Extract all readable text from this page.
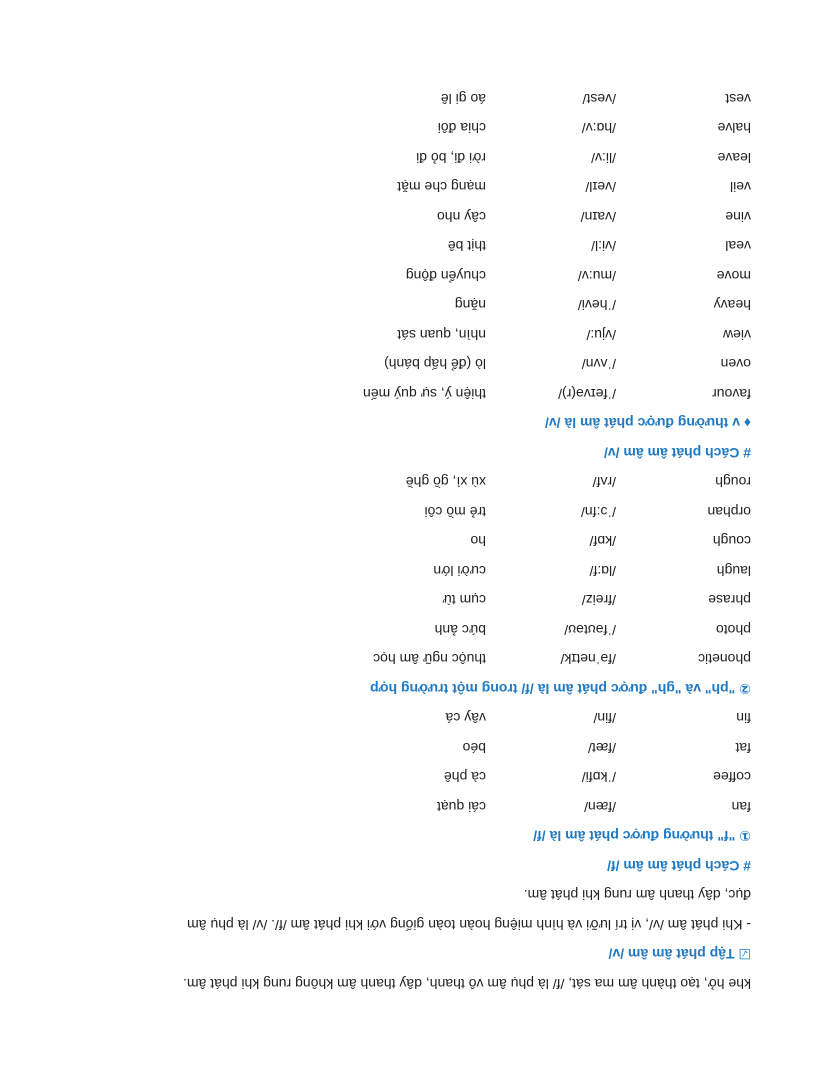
khe hở, tạo thành âm ma sát, /f/ là phụ âm vô thanh, dây thanh âm không rung khi phát âm.

☑ Tập phát âm âm /v/

- Khi phát âm /v/, vị trí lưỡi và hình miệng hoàn toàn giống với khi phát âm /f/. /v/ là phụ âm

đục, dây thanh âm rung khi phát âm.

# Cách phát âm âm /f/

① "f" thường được phát âm là /f/

fan/fæn/cái quạt
coffee/ˈkɒfi/cà phê
fat/fæt/béo
fin/fin/vây cá

② "ph" và "gh" được phát âm là /f/ trong một trường hợp

phonetic/fəˈnetɪk/thuộc ngữ âm học
photo/ˈfəʊtəʊ/bức ảnh
phrase/freiz/cụm từ
laugh/lɑ:f/cười lớn
cough/kɒf/ho
orphan/ˈɔ:fn/trẻ mồ côi
rough/rʌf/xù xì, gồ ghề

# Cách phát âm âm /v/

♦ v thường được phát âm là /v/

favour/ˈfeɪvə(r)/thiện ý, sự quý mến
oven/ˈʌvn/lò (để hấp bánh)
view/vju:/nhìn, quan sát
heavy/ˈhevi/nặng
move/mu:v/chuyển động
veal/vi:l/thịt bê
vine/vaɪn/cây nho
veil/veɪl/mạng che mặt
leave/li:v/rời đi, bỏ đi
halve/hɑ:v/chia đôi
vest/vest/áo gi lê
